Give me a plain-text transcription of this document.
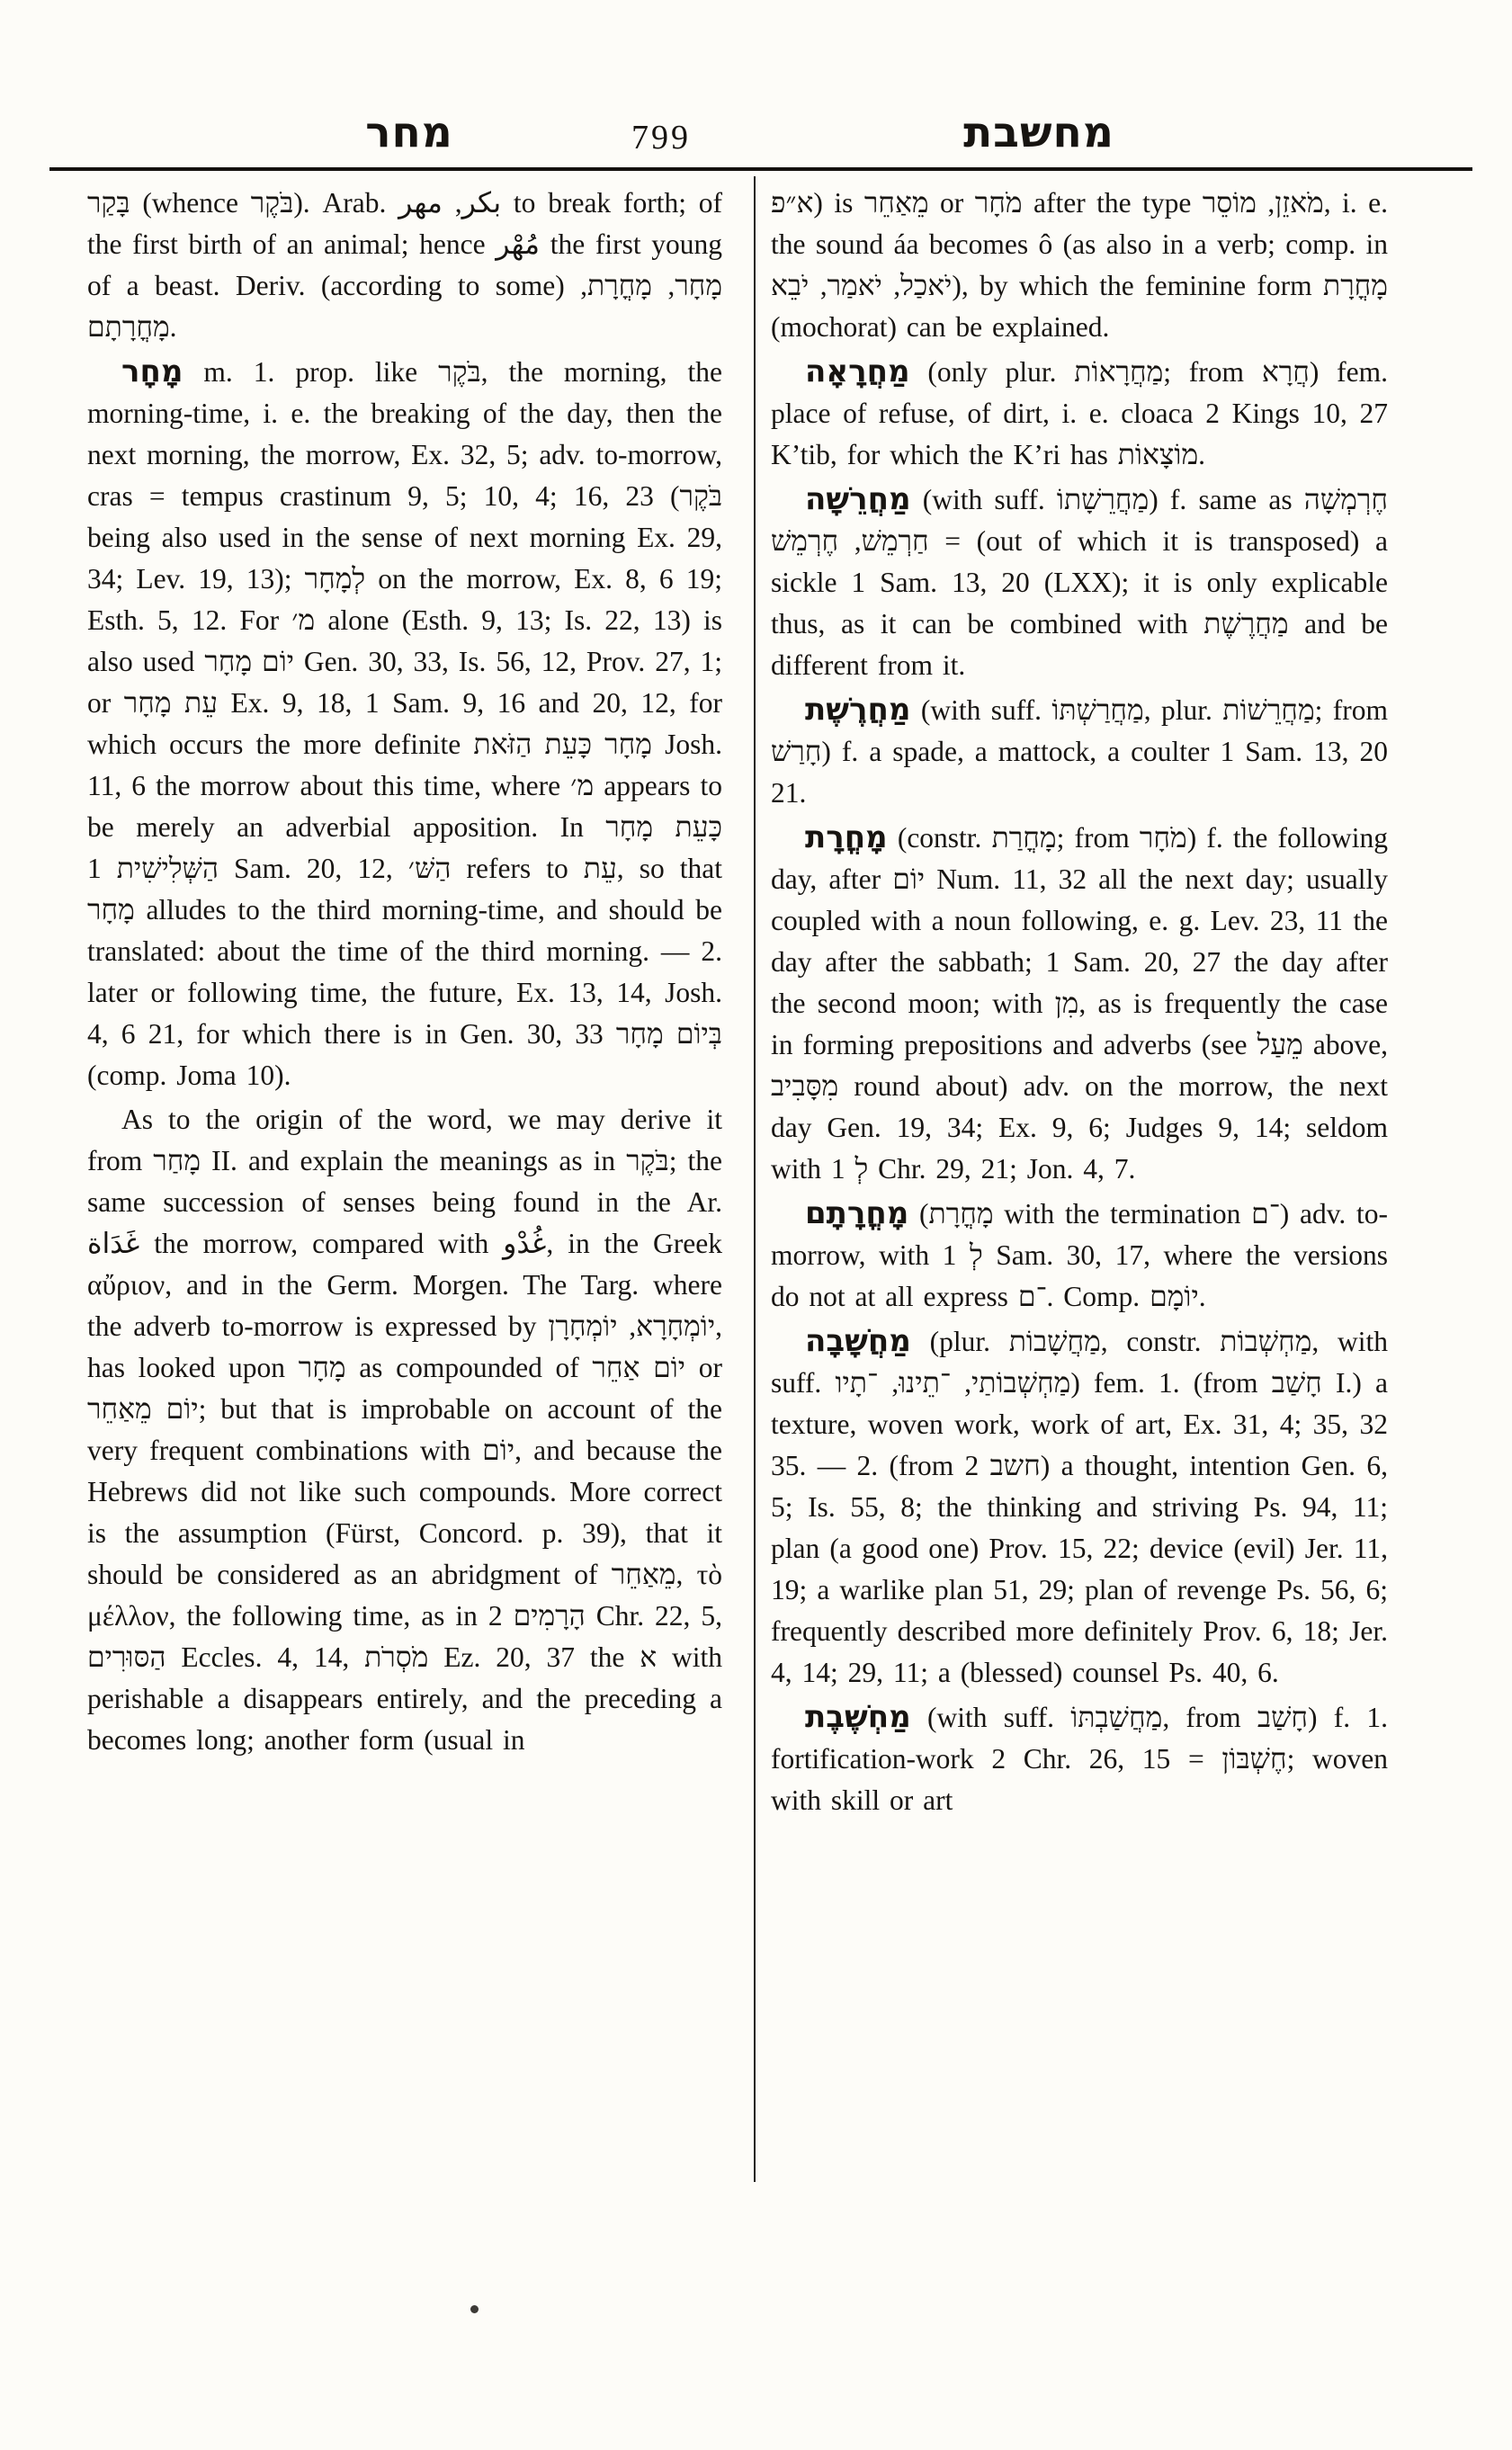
מחר	799	מחשבת

בָּקַר (whence בֹּקֶר). Arab. بكر, مهر to break forth; of the first birth of an animal; hence مُهْر the first young of a beast. Deriv. (according to some) מָחָר, מָחֳרָת, מָחֳרָתָם.

מָחָר m. 1. prop. like בֹּקֶר, the morning, the morning-time, i. e. the breaking of the day, then the next morning, the morrow, Ex. 32, 5; adv. to-morrow, cras = tempus crastinum 9, 5; 10, 4; 16, 23 (בֹּקֶר being also used in the sense of next morning Ex. 29, 34; Lev. 19, 13); לְמָחָר on the morrow, Ex. 8, 6 19; Esth. 5, 12. For מ׳ alone (Esth. 9, 13; Is. 22, 13) is also used יוֹם מָחָר Gen. 30, 33, Is. 56, 12, Prov. 27, 1; or עֵת מָחָר Ex. 9, 18, 1 Sam. 9, 16 and 20, 12, for which occurs the more definite מָחָר כָּעֵת הַזֹּאת Josh. 11, 6 the morrow about this time, where מ׳ appears to be merely an adverbial apposition. In כָּעֵת מָחָר הַשְּׁלִישִׁית 1 Sam. 20, 12, הַשּׁ׳ refers to עֵת, so that מָחָר alludes to the third morning-time, and should be translated: about the time of the third morning. — 2. later or following time, the future, Ex. 13, 14, Josh. 4, 6 21, for which there is in Gen. 30, 33 בְּיוֹם מָחָר (comp. Joma 10).

As to the origin of the word, we may derive it from מָחַר II. and explain the meanings as in בֹּקֶר; the same succession of senses being found in the Ar. غَدَاة the morrow, compared with غُدْو, in the Greek αὔριον, and in the Germ. Morgen. The Targ. where the adverb to-morrow is expressed by יוֹמְחָרָא, יוֹמְחָרָן, has looked upon מָחָר as compounded of יוֹם אַחֵר or יוֹם מֵאַחֵר; but that is improbable on account of the very frequent combinations with יוֹם, and because the Hebrews did not like such compounds. More correct is the assumption (Fürst, Concord. p. 39), that it should be considered as an abridgment of מֵאַחֵר, τὸ μέλλον, the following time, as in הָרָמִים 2 Chr. 22, 5, הַסּוּרִים Eccles. 4, 14, מֹסְרֹת Ez. 20, 37 the א with perishable a disappears entirely, and the preceding a becomes long; another form (usual in

א״פ) is מֵאַחֵר or מֹחָר after the type מֹאזֵן, מוֹסֵר, i. e. the sound áa becomes ô (as also in a verb; comp. in יֹאכַל, יֹאמַר, יֹבֵא), by which the feminine form מָחֳרָת (mochorat) can be explained.

מַחֲרָאָה (only plur. מַחֲרָאוֹת; from חֲרָא) fem. place of refuse, of dirt, i. e. cloaca 2 Kings 10, 27 K’tib, for which the K’ri has מוֹצָאוֹת.

מַחֲרֵשָׁה (with suff. מַחֲרֵשָׁתוֹ) f. same as חֶרְמְשָׁה = חַרְמֵשׁ, חֶרְמֵשׁ (out of which it is transposed) a sickle 1 Sam. 13, 20 (LXX); it is only explicable thus, as it can be combined with מַחֲרֶשֶׁת and be different from it.

מַחֲרֶשֶׁת (with suff. מַחֲרַשְׁתּוֹ, plur. מַחֲרֵשׁוֹת; from חָרַשׁ) f. a spade, a mattock, a coulter 1 Sam. 13, 20 21.

מָחֳרָת (constr. מָחֳרַת; from מֹחָר) f. the following day, after יוֹם Num. 11, 32 all the next day; usually coupled with a noun following, e. g. Lev. 23, 11 the day after the sabbath; 1 Sam. 20, 27 the day after the second moon; with מִן, as is frequently the case in forming prepositions and adverbs (see מֵעַל above, מִסָּבִיב round about) adv. on the morrow, the next day Gen. 19, 34; Ex. 9, 6; Judges 9, 14; seldom with לְ 1 Chr. 29, 21; Jon. 4, 7.

מָחֳרָתָם (מָחֳרָת with the termination ־ם) adv. to-morrow, with לְ 1 Sam. 30, 17, where the versions do not at all express ־ם. Comp. יוֹמָם.

מַחֲשָׁבָה (plur. מַחֲשָׁבוֹת, constr. מַחְשְׁבוֹת, with suff. מַחְשְׁבוֹתַי, ־תֵינוּ, ־תָיו) fem. 1. (from חָשַׁב I.) a texture, woven work, work of art, Ex. 31, 4; 35, 32 35. — 2. (from חשב 2) a thought, intention Gen. 6, 5; Is. 55, 8; the thinking and striving Ps. 94, 11; plan (a good one) Prov. 15, 22; device (evil) Jer. 11, 19; a warlike plan 51, 29; plan of revenge Ps. 56, 6; frequently described more definitely Prov. 6, 18; Jer. 4, 14; 29, 11; a (blessed) counsel Ps. 40, 6.

מַחְשֶׁבֶת (with suff. מַחֲשַׁבְתּוֹ, from חָשַׁב) f. 1. fortification-work 2 Chr. 26, 15 = חֶשְׁבּוֹן; woven with skill or art
